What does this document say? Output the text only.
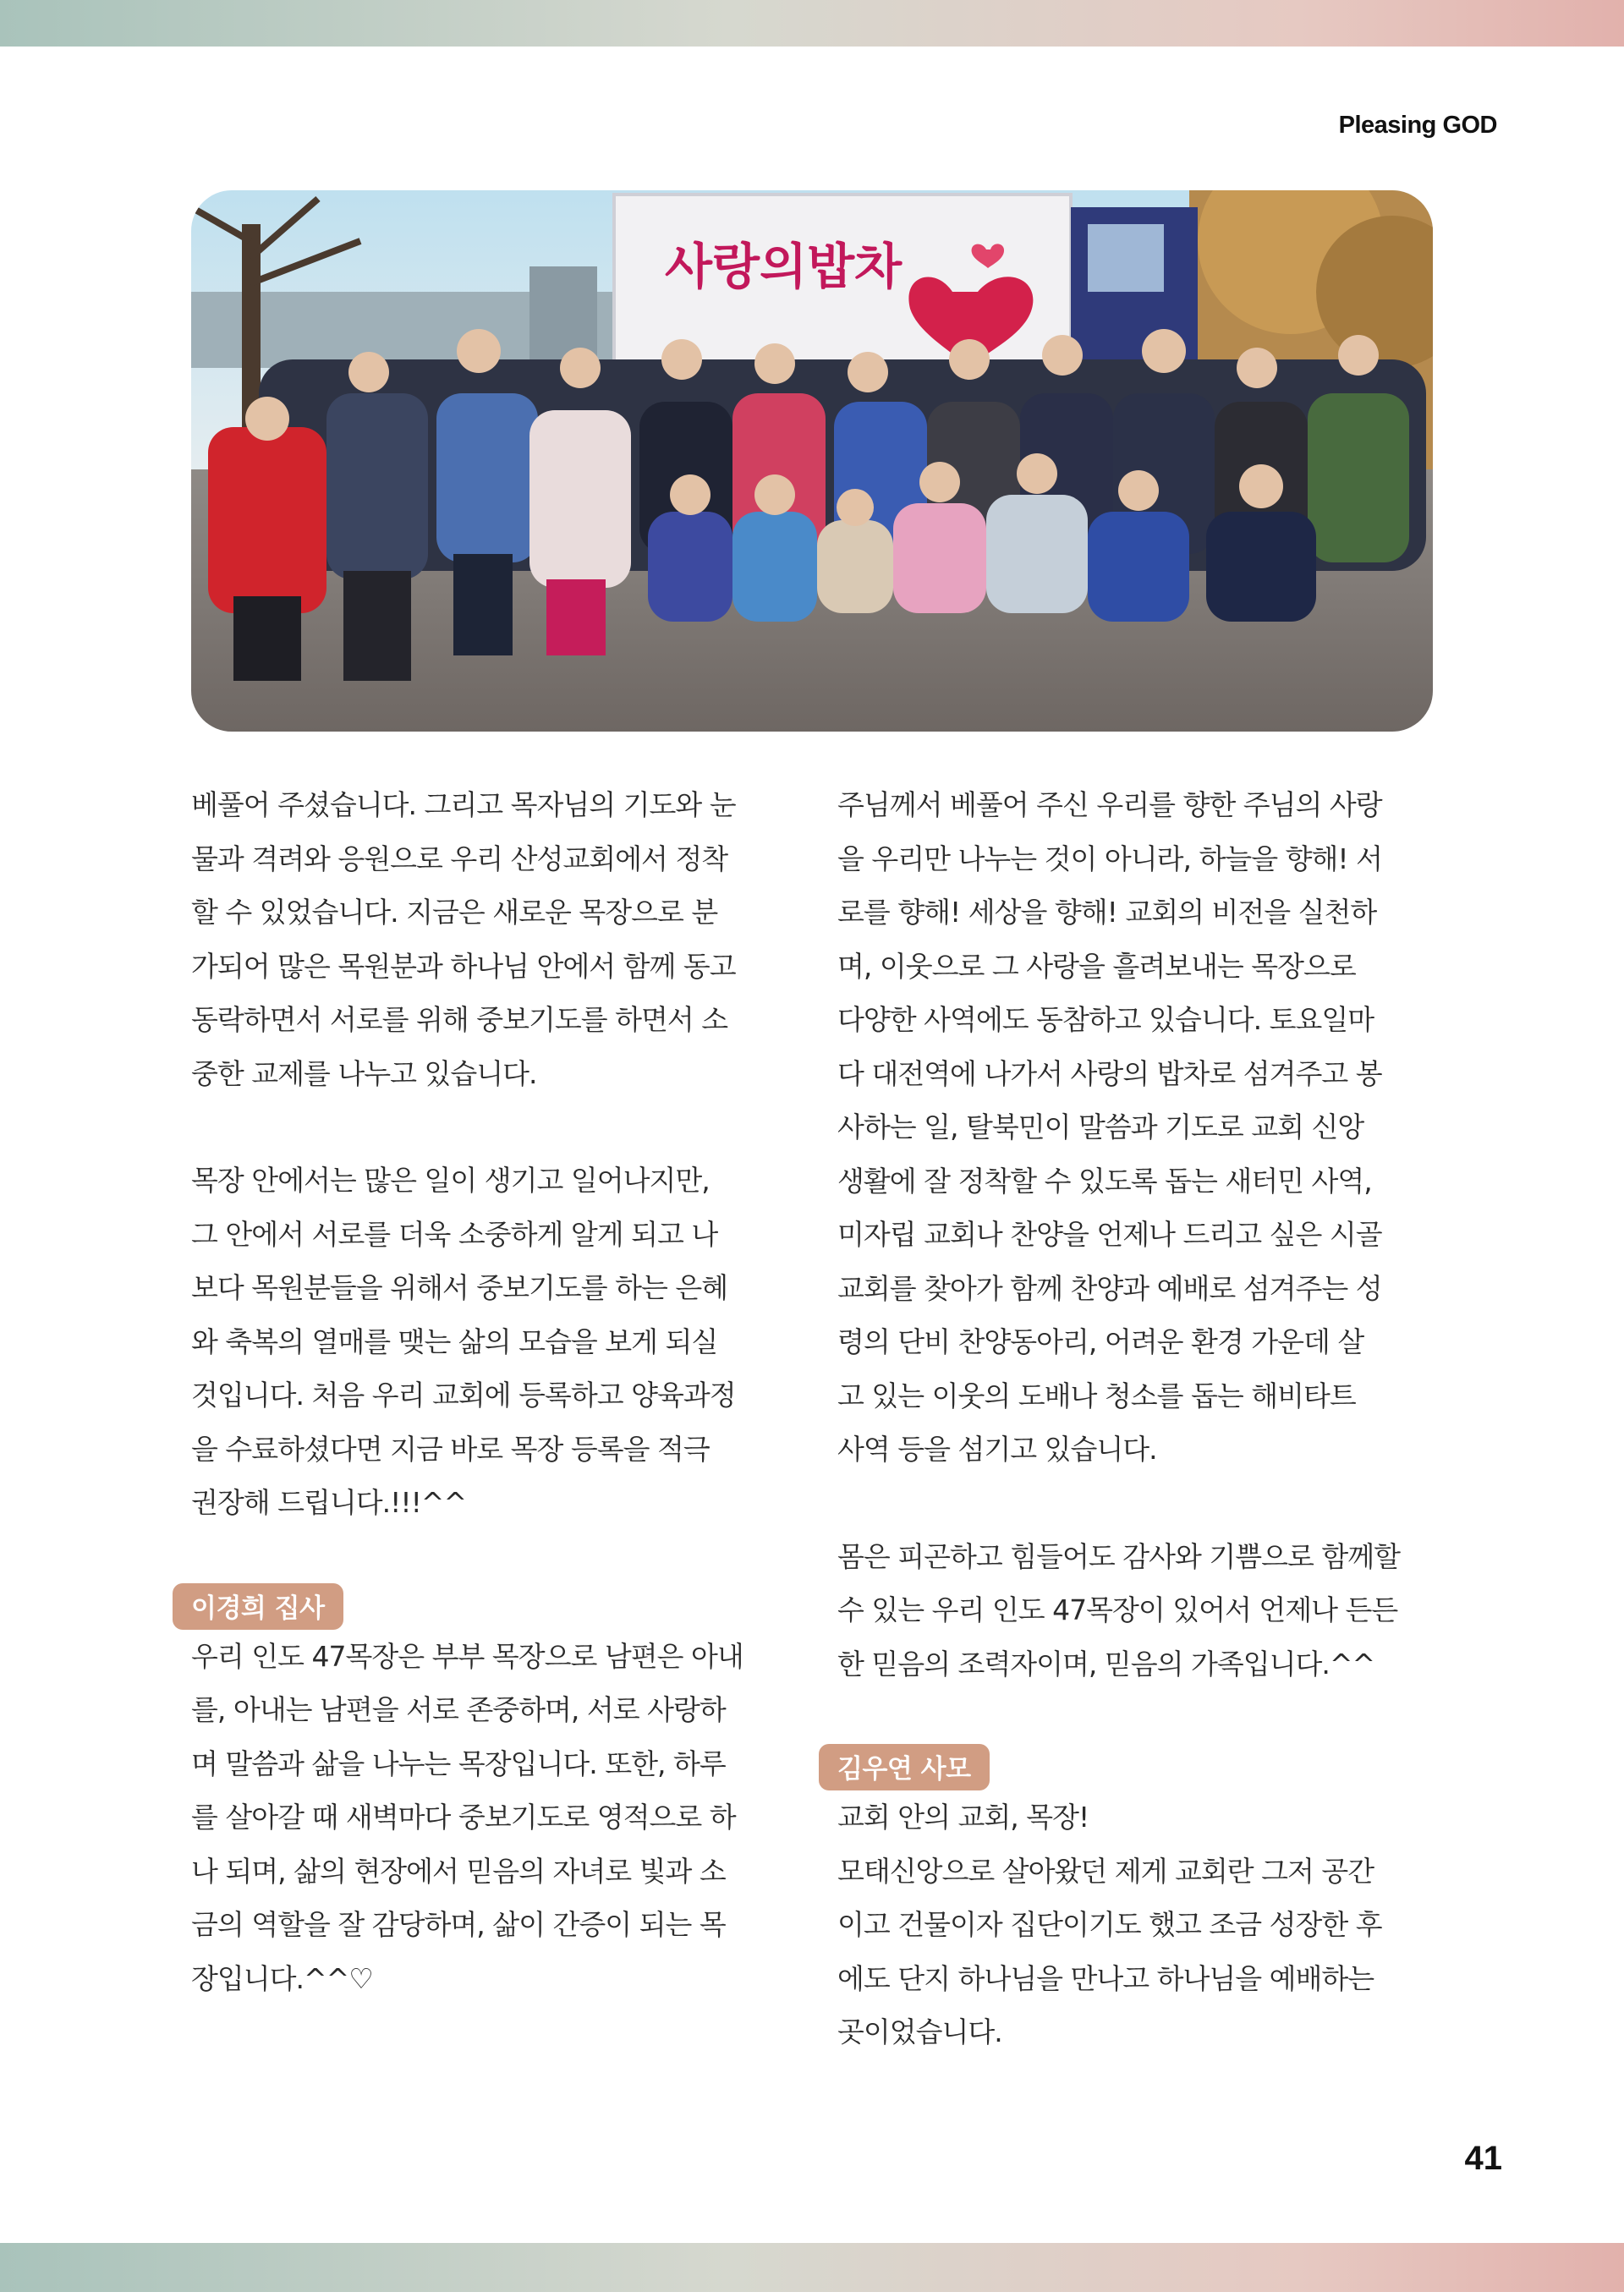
Pleasing GOD
사랑의밥차

베풀어 주셨습니다. 그리고 목자님의 기도와 눈
물과 격려와 응원으로 우리 산성교회에서 정착
할 수 있었습니다. 지금은 새로운 목장으로 분
가되어 많은 목원분과 하나님 안에서 함께 동고
동락하면서 서로를 위해 중보기도를 하면서 소
중한 교제를 나누고 있습니다.

목장 안에서는 많은 일이 생기고 일어나지만,
그 안에서 서로를 더욱 소중하게 알게 되고 나
보다 목원분들을 위해서 중보기도를 하는 은혜
와 축복의 열매를 맺는 삶의 모습을 보게 되실
것입니다. 처음 우리 교회에 등록하고 양육과정
을 수료하셨다면 지금 바로 목장 등록을 적극
권장해 드립니다.!!!^^

이경희 집사

우리 인도 47목장은 부부 목장으로 남편은 아내
를, 아내는 남편을 서로 존중하며, 서로 사랑하
며 말씀과 삶을 나누는 목장입니다. 또한, 하루
를 살아갈 때 새벽마다 중보기도로 영적으로 하
나 되며, 삶의 현장에서 믿음의 자녀로 빛과 소
금의 역할을 잘 감당하며, 삶이 간증이 되는 목
장입니다.^^♡

주님께서 베풀어 주신 우리를 향한 주님의 사랑
을 우리만 나누는 것이 아니라, 하늘을 향해! 서
로를 향해! 세상을 향해! 교회의 비전을 실천하
며, 이웃으로 그 사랑을 흘려보내는 목장으로
다양한 사역에도 동참하고 있습니다. 토요일마
다 대전역에 나가서 사랑의 밥차로 섬겨주고 봉
사하는 일, 탈북민이 말씀과 기도로 교회 신앙
생활에 잘 정착할 수 있도록 돕는 새터민 사역,
미자립 교회나 찬양을 언제나 드리고 싶은 시골
교회를 찾아가 함께 찬양과 예배로 섬겨주는 성
령의 단비 찬양동아리, 어려운 환경 가운데 살
고 있는 이웃의 도배나 청소를 돕는 해비타트
사역 등을 섬기고 있습니다.

몸은 피곤하고 힘들어도 감사와 기쁨으로 함께할
수 있는 우리 인도 47목장이 있어서 언제나 든든
한 믿음의 조력자이며, 믿음의 가족입니다.^^

김우연 사모

교회 안의 교회, 목장!
모태신앙으로 살아왔던 제게 교회란 그저 공간
이고 건물이자 집단이기도 했고 조금 성장한 후
에도 단지 하나님을 만나고 하나님을 예배하는
곳이었습니다.

41
